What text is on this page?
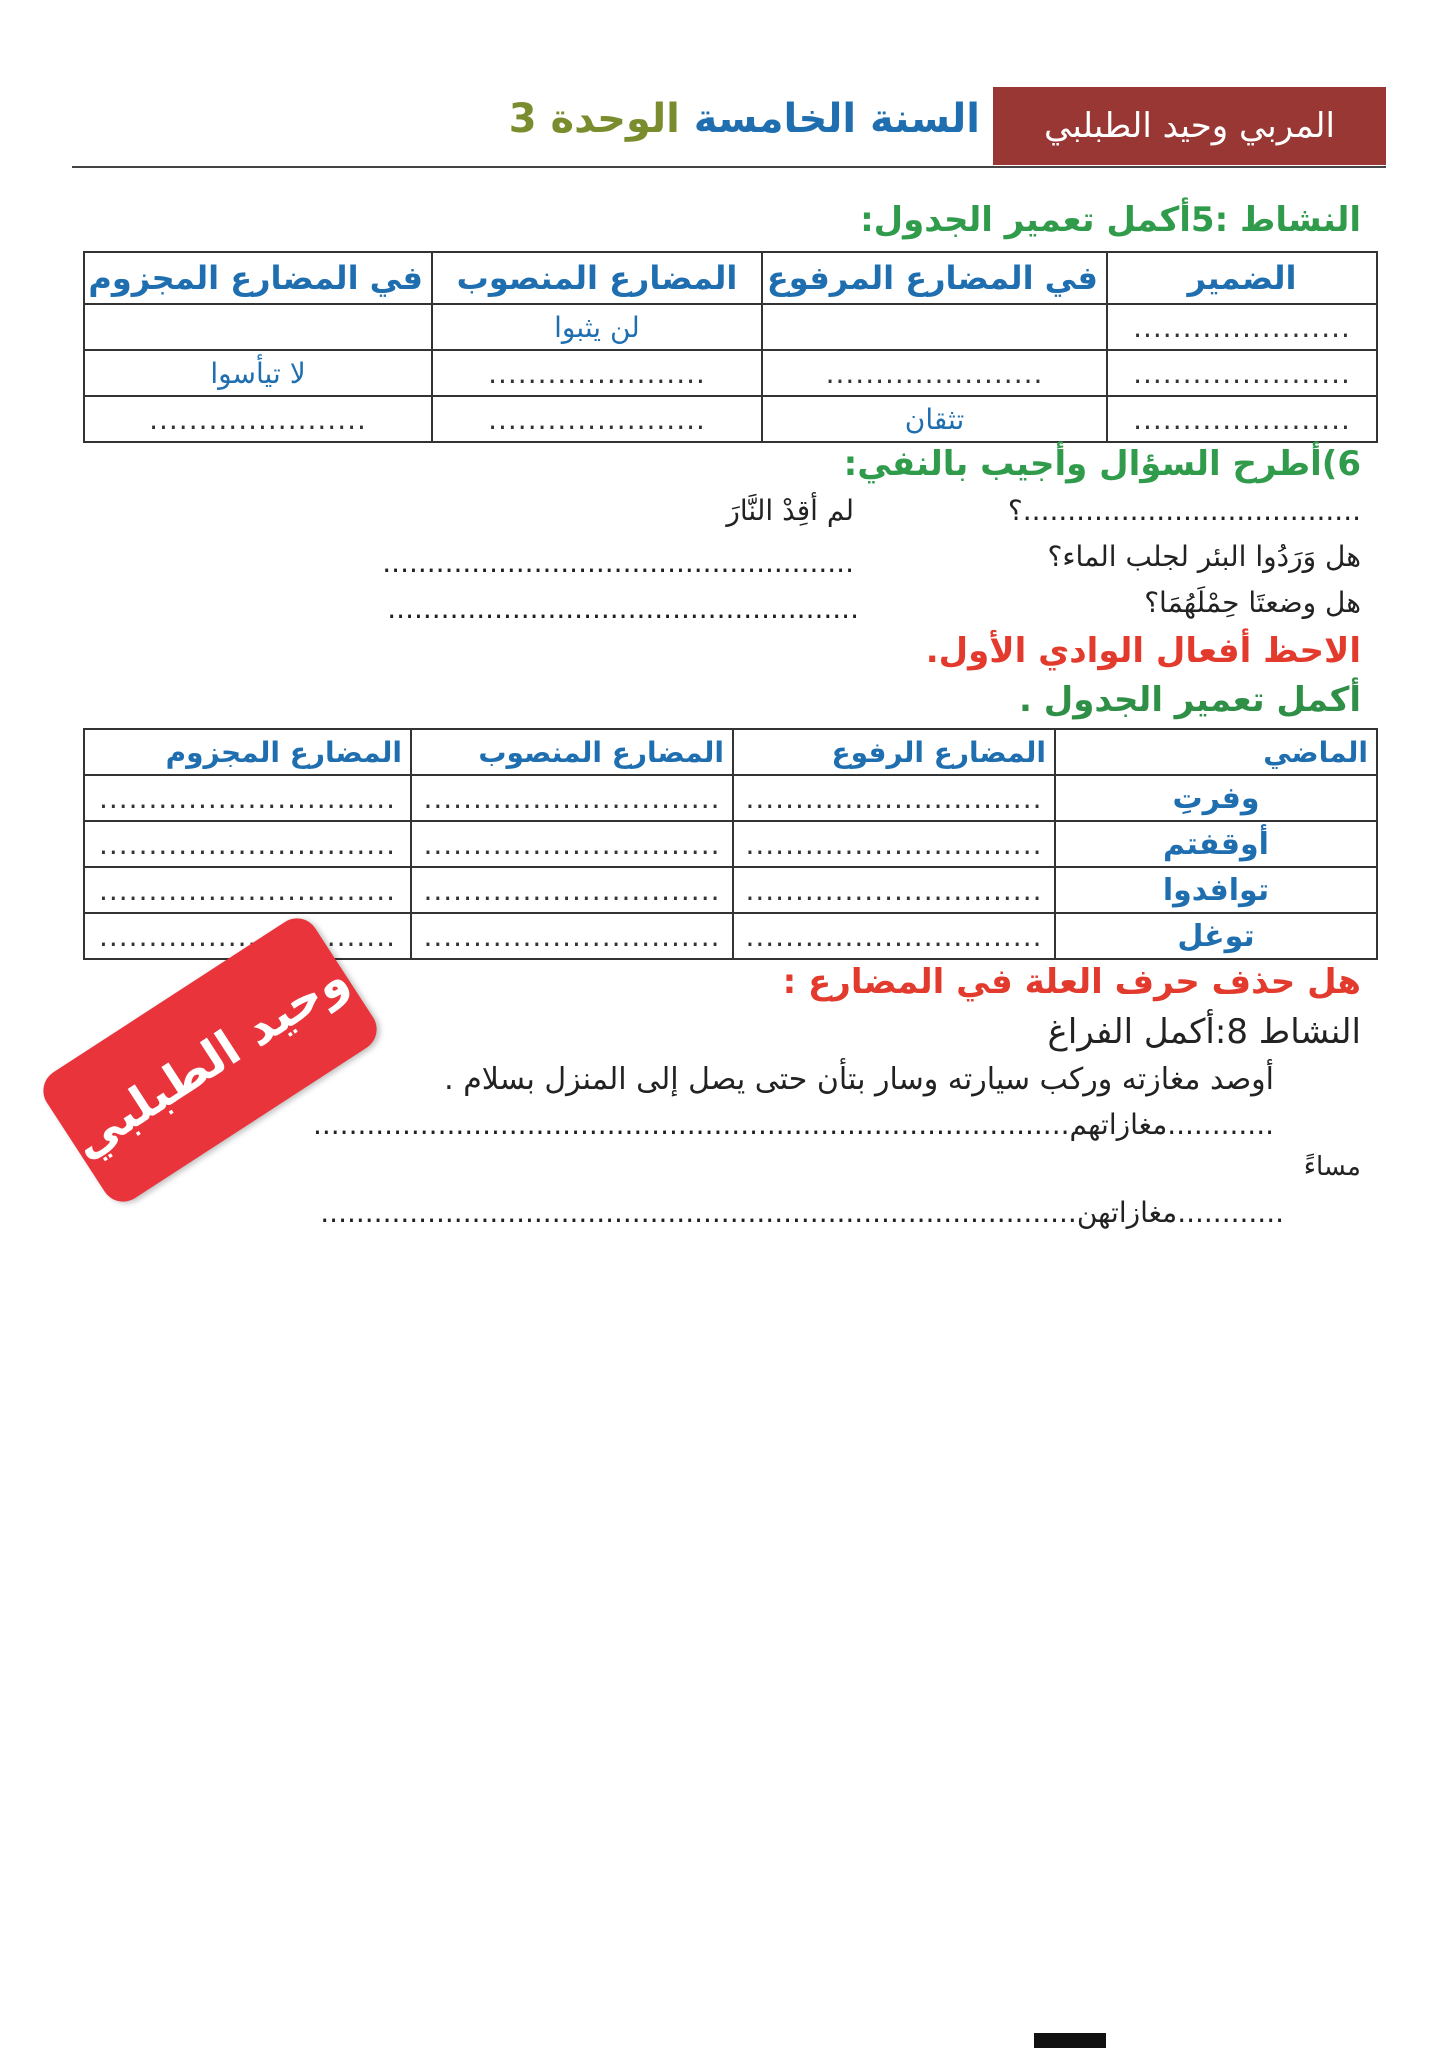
المربي وحيد الطبلبي
السنة الخامسة الوحدة 3
النشاط :5أكمل تعمير الجدول:
الضمير	في المضارع المرفوع	المضارع المنصوب	في المضارع المجزوم
......................		لن يثبوا	
......................	......................	......................	لا تيأسوا
......................	تثقان	......................	......................
6)أطرح السؤال وأجيب بالنفي:
......................................؟
لم أقِدْ النَّارَ
هل وَرَدُوا البئر لجلب الماء؟
.....................................................
هل وضعتَا حِمْلَهُمَا؟
.....................................................
الاحظ أفعال الوادي الأول.
أكمل تعمير الجدول .
الماضي	المضارع الرفوع	المضارع المنصوب	المضارع المجزوم
وفرتِ	..............................	..............................	..............................
أوقفتم	..............................	..............................	..............................
توافدوا	..............................	..............................	..............................
توغل	..............................	..............................	..............................
هل حذف حرف العلة في المضارع :
النشاط 8:أكمل الفراغ
أوصد مغازته وركب سيارته وسار بتأن حتى يصل إلى المنزل بسلام .
............مغازاتهم.....................................................................................
مساءً
............مغازاتهن.....................................................................................
وحيد الطبلبي
